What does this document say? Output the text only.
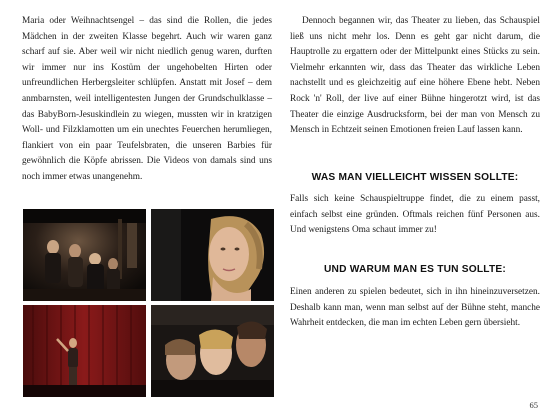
Maria oder Weihnachtsengel – das sind die Rollen, die jedes Mädchen in der zweiten Klasse begehrt. Auch wir waren ganz scharf auf sie. Aber weil wir nicht niedlich genug waren, durften wir immer nur ins Kostüm der ungehobelten Hirten oder unfreundlichen Herbergsleiter schlüpfen. Anstatt mit Josef – dem anmbarnsten, weil intelligentesten Jungen der Grundschulklasse – das BabyBorn-Jesuskindlein zu wiegen, mussten wir in kratzigen Woll- und Filzklamotten um ein unechtes Feuerchen herumliegen, flankiert von ein paar Teufelsbraten, die unseren Barbies für gewöhnlich die Köpfe abrissen. Die Videos von damals sind uns noch immer etwas unangenehm.

Dennoch begannen wir, das Theater zu lieben, das Schauspiel ließ uns nicht mehr los. Denn es geht gar nicht darum, die Hauptrolle zu ergattern oder der Mittelpunkt eines Stücks zu sein. Vielmehr erkannten wir, dass das Theater das wirkliche Leben nachstellt und es gleichzeitig auf eine höhere Ebene hebt. Neben Rock 'n' Roll, der live auf einer Bühne hingerotzt wird, ist das Theater die einzige Ausdrucksform, bei der man von Mensch zu Mensch in Echtzeit seinen Emotionen freien Lauf lassen kann.

WAS MAN VIELLEICHT WISSEN SOLLTE:

Falls sich keine Schauspieltruppe findet, die zu einem passt, einfach selbst eine gründen. Oftmals reichen fünf Personen aus. Und wenigstens Oma schaut immer zu!

UND WARUM MAN ES TUN SOLLTE:

Einen anderen zu spielen bedeutet, sich in ihn hineinzuversetzen. Deshalb kann man, wenn man selbst auf der Bühne steht, manche Wahrheit entdecken, die man im echten Leben gern übersieht.

65
